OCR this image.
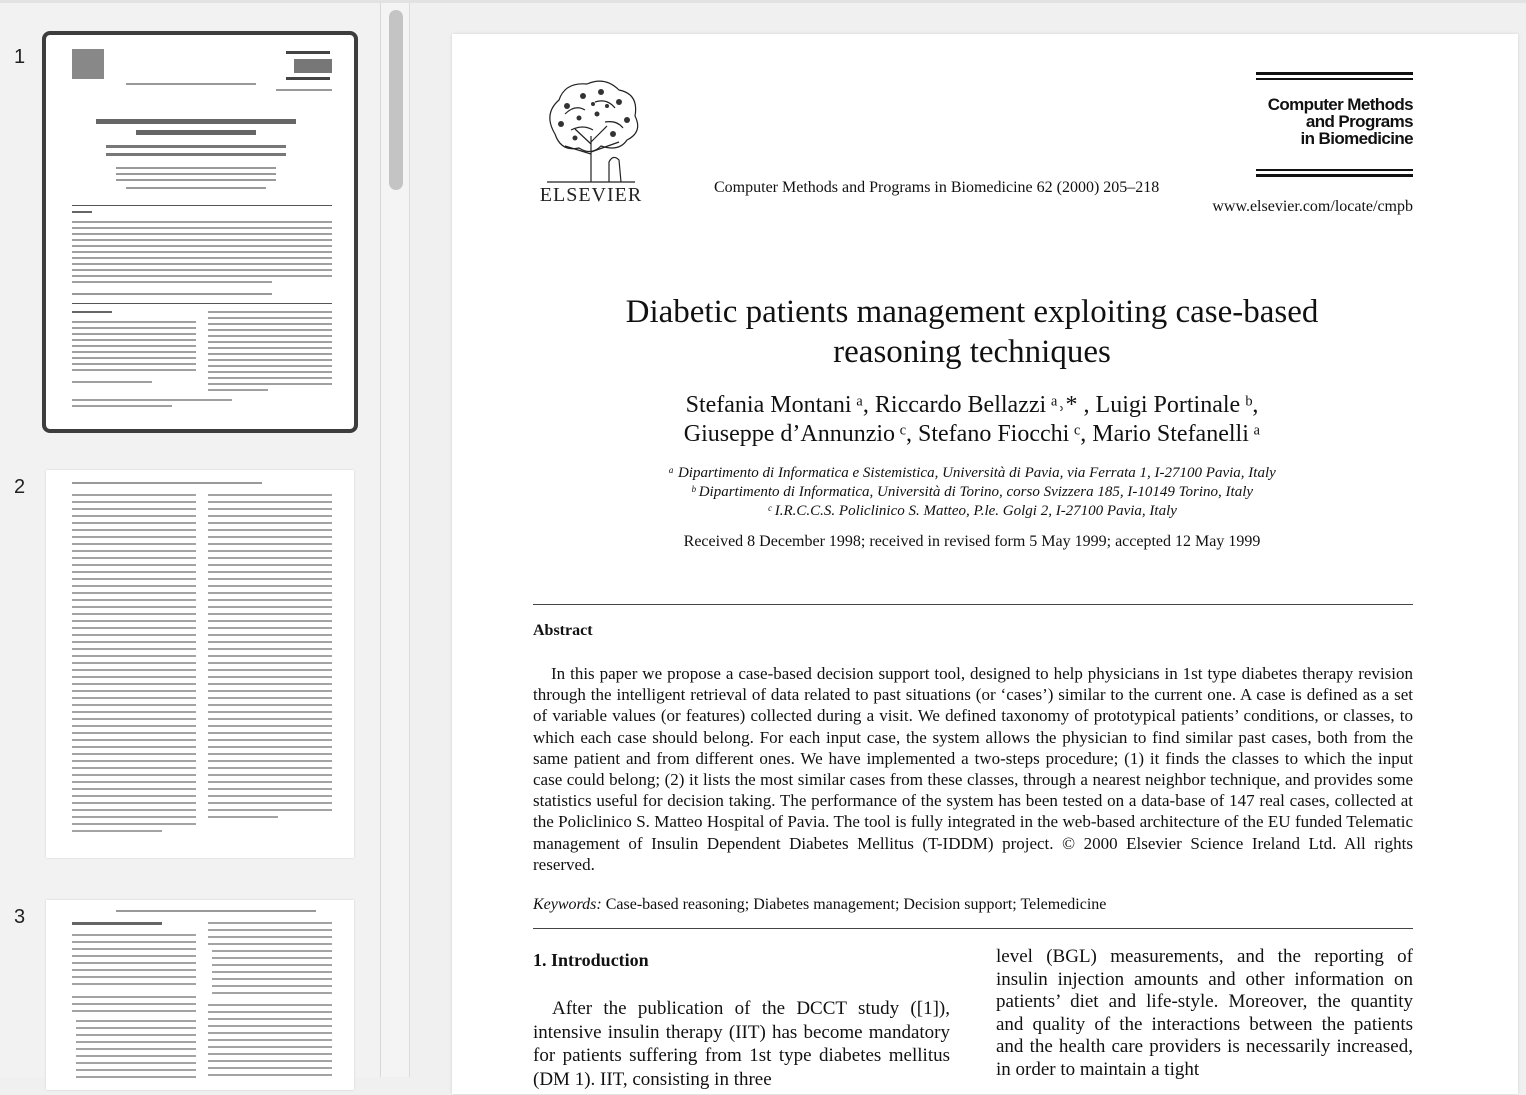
1
2
3
ELSEVIER	Computer Methods and Programs in Biomedicine 62 (2000) 205–218
Computer Methods
and Programs
in Biomedicine
www.elsevier.com/locate/cmpb
Diabetic patients management exploiting case-based
reasoning techniques
Stefania Montani ᵃ, Riccardo Bellazzi ᵃ˒* , Luigi Portinale ᵇ,
Giuseppe d’Annunzio ᶜ, Stefano Fiocchi ᶜ, Mario Stefanelli ᵃ
ᵃ Dipartimento di Informatica e Sistemistica, Università di Pavia, via Ferrata 1, I-27100 Pavia, Italy
ᵇ Dipartimento di Informatica, Università di Torino, corso Svizzera 185, I-10149 Torino, Italy
ᶜ I.R.C.C.S. Policlinico S. Matteo, P.le. Golgi 2, I-27100 Pavia, Italy
Received 8 December 1998; received in revised form 5 May 1999; accepted 12 May 1999
Abstract

In this paper we propose a case-based decision support tool, designed to help physicians in 1st type diabetes therapy revision through the intelligent retrieval of data related to past situations (or ‘cases’) similar to the current one. A case is defined as a set of variable values (or features) collected during a visit. We defined taxonomy of prototypical patients’ conditions, or classes, to which each case should belong. For each input case, the system allows the physician to find similar past cases, both from the same patient and from different ones. We have implemented a two-steps procedure; (1) it finds the classes to which the input case could belong; (2) it lists the most similar cases from these classes, through a nearest neighbor technique, and provides some statistics useful for decision taking. The performance of the system has been tested on a data-base of 147 real cases, collected at the Policlinico S. Matteo Hospital of Pavia. The tool is fully integrated in the web-based architecture of the EU funded Telematic management of Insulin Dependent Diabetes Mellitus (T-IDDM) project. © 2000 Elsevier Science Ireland Ltd. All rights reserved.

Keywords: Case-based reasoning; Diabetes management; Decision support; Telemedicine
1. Introduction

After the publication of the DCCT study ([1]), intensive insulin therapy (IIT) has become mandatory for patients suffering from 1st type diabetes mellitus (DM 1). IIT, consisting in three

level (BGL) measurements, and the reporting of insulin injection amounts and other information on patients’ diet and life-style. Moreover, the quantity and quality of the interactions between the patients and the health care providers is necessarily increased, in order to maintain a tight
